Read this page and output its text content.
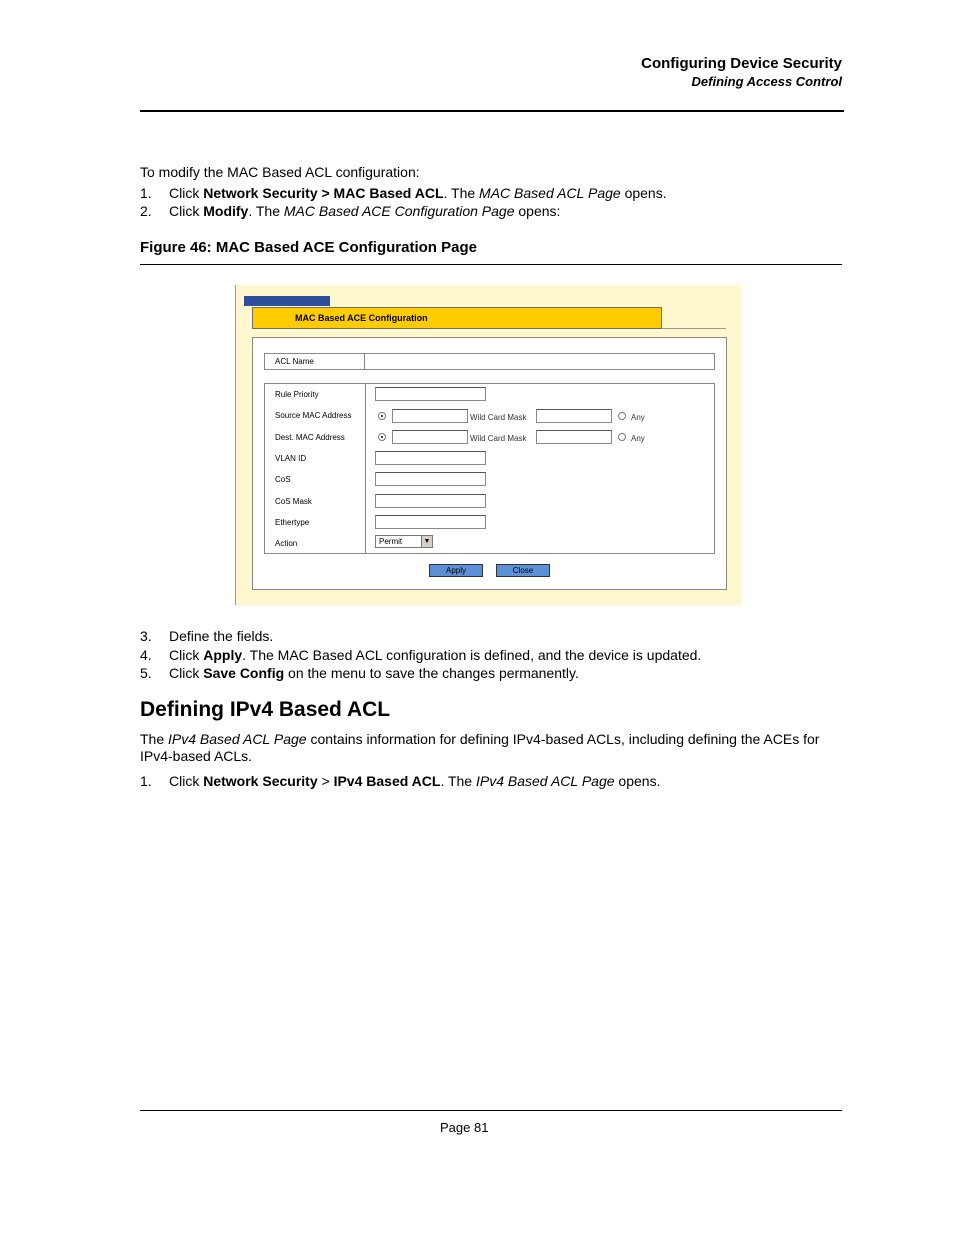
Configuring Device Security
Defining Access Control
To modify the MAC Based ACL configuration:
1. Click Network Security > MAC Based ACL. The MAC Based ACL Page opens.
2. Click Modify. The MAC Based ACE Configuration Page opens:
Figure 46: MAC Based ACE Configuration Page
MAC Based ACE Configuration
ACL Name
Rule Priority
Source MAC Address	Wild Card Mask	Any
Dest. MAC Address	Wild Card Mask	Any
VLAN ID
CoS
CoS Mask
Ethertype
Action	Permit	▼
Apply	Close
3. Define the fields.
4. Click Apply. The MAC Based ACL configuration is defined, and the device is updated.
5. Click Save Config on the menu to save the changes permanently.
Defining IPv4 Based ACL
The IPv4 Based ACL Page contains information for defining IPv4-based ACLs, including defining the ACEs for IPv4-based ACLs.
1. Click Network Security > IPv4 Based ACL. The IPv4 Based ACL Page opens.
Page 81
